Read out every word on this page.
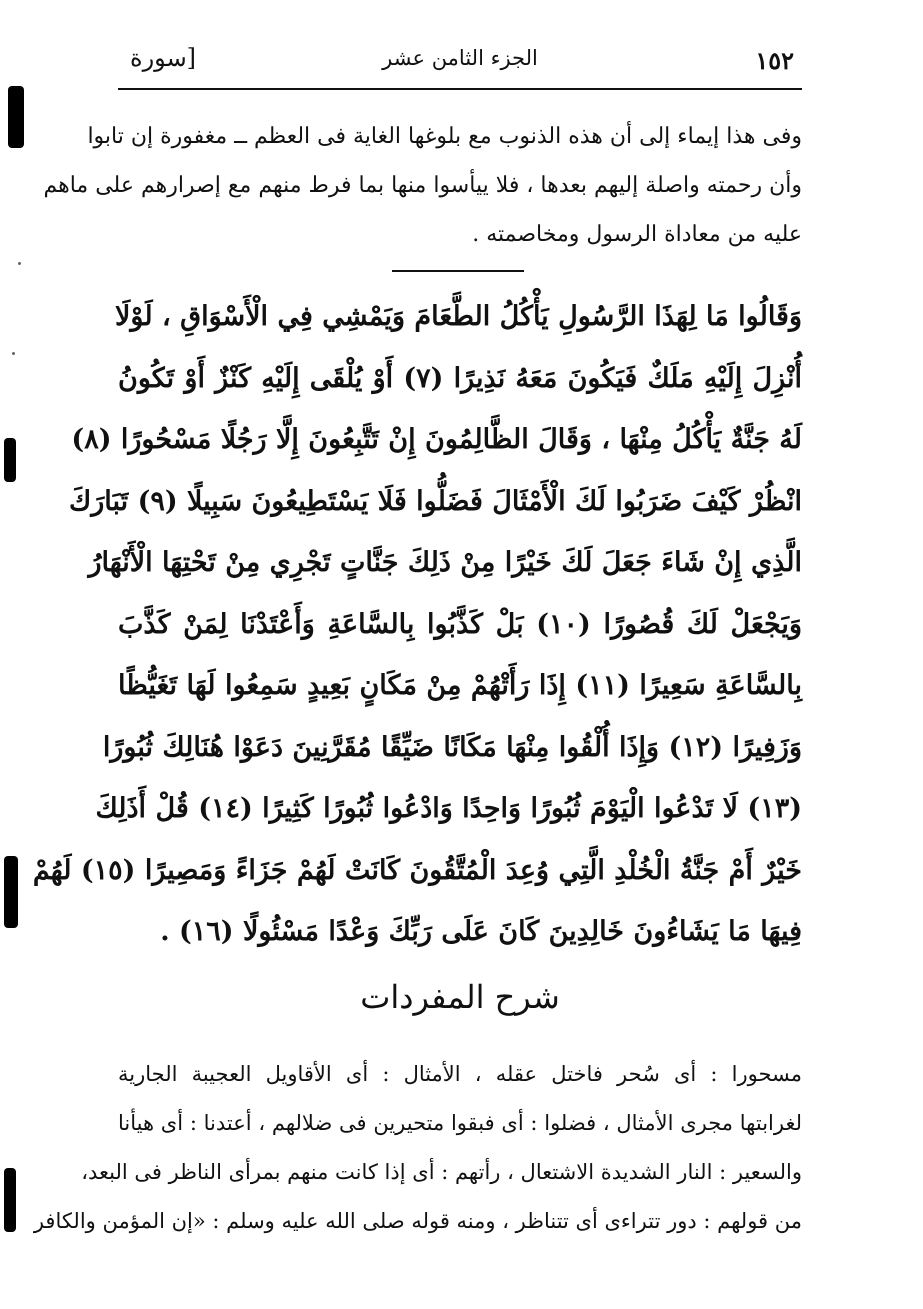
١٥٢
الجزء الثامن عشر
[سورة
وفى هذا إيماء إلى أن هذه الذنوب مع بلوغها الغاية فى العظم ــ مغفورة إن تابوا
وأن رحمته واصلة إليهم بعدها ، فلا ييأسوا منها بما فرط منهم مع إصرارهم على ماهم
عليه من معاداة الرسول ومخاصمته .
وَقَالُوا مَا لِهَذَا الرَّسُولِ يَأْكُلُ الطَّعَامَ وَيَمْشِي فِي الْأَسْوَاقِ ، لَوْلَا
أُنْزِلَ إِلَيْهِ مَلَكٌ فَيَكُونَ مَعَهُ نَذِيرًا (٧) أَوْ يُلْقَى إِلَيْهِ كَنْزٌ أَوْ تَكُونُ
لَهُ جَنَّةٌ يَأْكُلُ مِنْهَا ، وَقَالَ الظَّالِمُونَ إِنْ تَتَّبِعُونَ إِلَّا رَجُلًا مَسْحُورًا (٨)
انْظُرْ كَيْفَ ضَرَبُوا لَكَ الْأَمْثَالَ فَضَلُّوا فَلَا يَسْتَطِيعُونَ سَبِيلًا (٩) تَبَارَكَ
الَّذِي إِنْ شَاءَ جَعَلَ لَكَ خَيْرًا مِنْ ذَلِكَ جَنَّاتٍ تَجْرِي مِنْ تَحْتِهَا الْأَنْهَارُ
وَيَجْعَلْ لَكَ قُصُورًا (١٠) بَلْ كَذَّبُوا بِالسَّاعَةِ وَأَعْتَدْنَا لِمَنْ كَذَّبَ
بِالسَّاعَةِ سَعِيرًا (١١) إِذَا رَأَتْهُمْ مِنْ مَكَانٍ بَعِيدٍ سَمِعُوا لَهَا تَغَيُّظًا
وَزَفِيرًا (١٢) وَإِذَا أُلْقُوا مِنْهَا مَكَانًا ضَيِّقًا مُقَرَّنِينَ دَعَوْا هُنَالِكَ ثُبُورًا
(١٣) لَا تَدْعُوا الْيَوْمَ ثُبُورًا وَاحِدًا وَادْعُوا ثُبُورًا كَثِيرًا (١٤) قُلْ أَذَلِكَ
خَيْرٌ أَمْ جَنَّةُ الْخُلْدِ الَّتِي وُعِدَ الْمُتَّقُونَ كَانَتْ لَهُمْ جَزَاءً وَمَصِيرًا (١٥) لَهُمْ
فِيهَا مَا يَشَاءُونَ خَالِدِينَ كَانَ عَلَى رَبِّكَ وَعْدًا مَسْئُولًا (١٦) .
شرح المفردات
مسحورا : أى سُحر فاختل عقله ، الأمثال : أى الأقاويل العجيبة الجارية
لغرابتها مجرى الأمثال ، فضلوا : أى فبقوا متحيرين فى ضلالهم ، أعتدنا : أى هيأنا
والسعير : النار الشديدة الاشتعال ، رأتهم : أى إذا كانت منهم بمرأى الناظر فى البعد،
من قولهم : دور تتراءى أى تتناظر ، ومنه قوله صلى الله عليه وسلم : «إن المؤمن والكافر
